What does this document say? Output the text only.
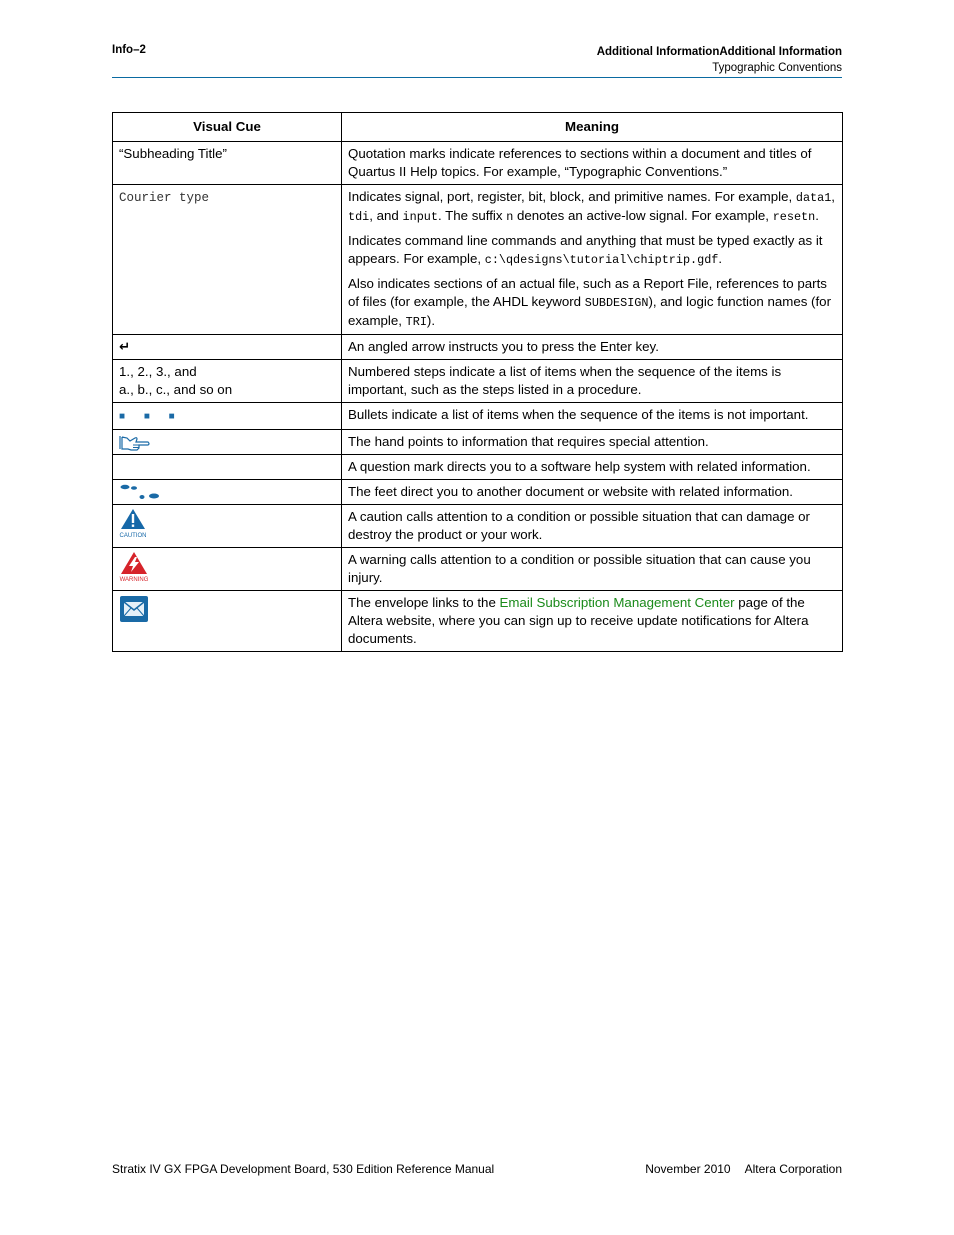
Info–2	Additional InformationAdditional Information
Typographic Conventions
Visual Cue	Meaning
“Subheading Title”	Quotation marks indicate references to sections within a document and titles of Quartus II Help topics. For example, “Typographic Conventions.”
Courier type	Indicates signal, port, register, bit, block, and primitive names. For example, data1, tdi, and input. The suffix n denotes an active-low signal. For example, resetn.

Indicates command line commands and anything that must be typed exactly as it appears. For example, c:\qdesigns\tutorial\chiptrip.gdf.

Also indicates sections of an actual file, such as a Report File, references to parts of files (for example, the AHDL keyword SUBDESIGN), and logic function names (for example, TRI).

↵	An angled arrow instructs you to press the Enter key.

1., 2., 3., and
a., b., c., and so on	Numbered steps indicate a list of items when the sequence of the items is important, such as the steps listed in a procedure.
■ ■ ■	Bullets indicate a list of items when the sequence of the items is not important.

	The hand points to information that requires special attention.
	A question mark directs you to a software help system with related information.

	The feet direct you to another document or website with related information.

CAUTION	A caution calls attention to a condition or possible situation that can damage or destroy the product or your work.

WARNING	A warning calls attention to a condition or possible situation that can cause you injury.

	The envelope links to the Email Subscription Management Center page of the Altera website, where you can sign up to receive update notifications for Altera documents.
Stratix IV GX FPGA Development Board, 530 Edition Reference Manual	November 2010 Altera Corporation
